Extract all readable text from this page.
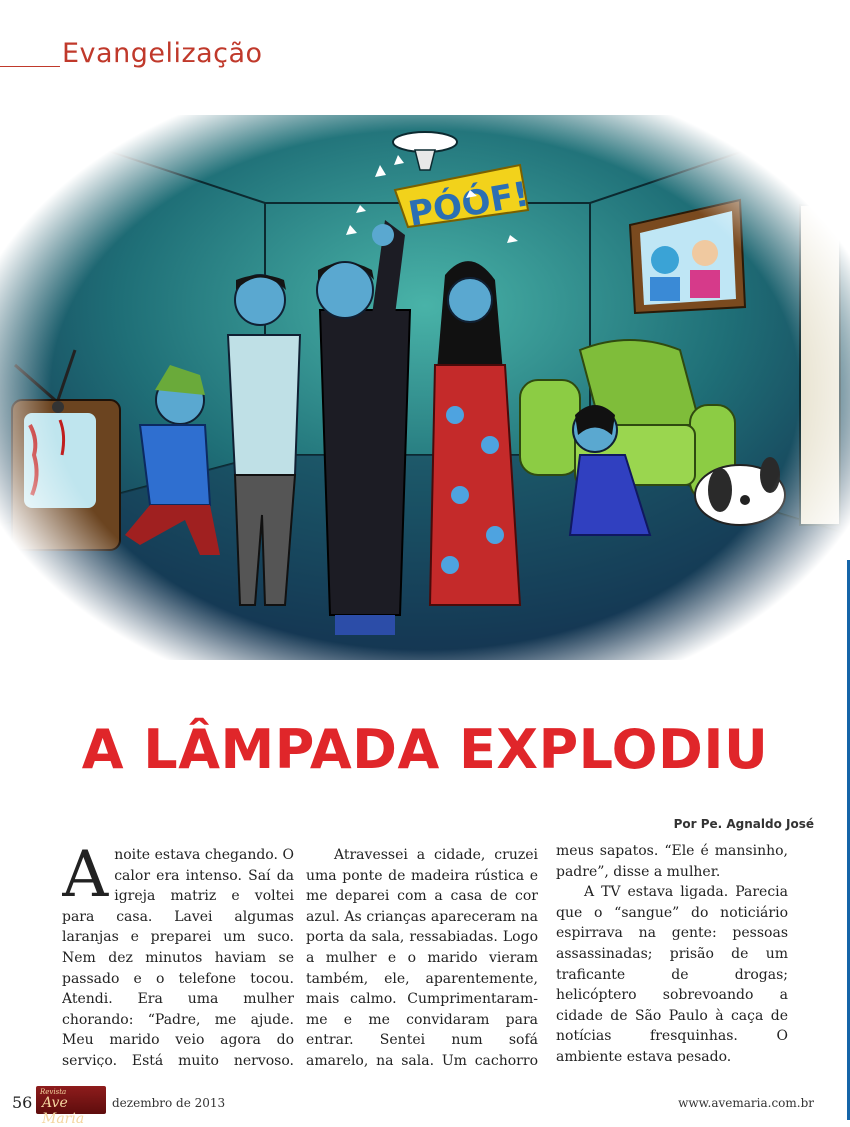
Evangelização
A LÂMPADA EXPLODIU
Por Pe. Agnaldo José

A noite estava chegando. O calor era intenso. Saí da igreja matriz e voltei para casa. Lavei algumas laranjas e preparei um suco. Nem dez minutos haviam se passado e o telefone tocou. Atendi. Era uma mulher chorando: “Padre, me ajude. Meu marido veio agora do serviço. Está muito nervoso.

Atravessei a cidade, cruzei uma ponte de madeira rústica e me deparei com a casa de cor azul. As crianças apareceram na porta da sala, ressabiadas. Logo a mulher e o marido vieram também, ele, aparentemente, mais calmo. Cumprimentaram-me e me convidaram para entrar. Sentei num sofá amarelo, na sala. Um cachorro

meus sapatos. “Ele é mansinho, padre”, disse a mulher.

A TV estava ligada. Parecia que o “sangue” do noticiário espirrava na gente: pessoas assassinadas; prisão de um traficante de drogas; helicóptero sobrevoando a cidade de São Paulo à caça de notícias fresquinhas. O ambiente estava pesado.

56
Revista
Ave Maria
dezembro de 2013	www.avemaria.com.br
